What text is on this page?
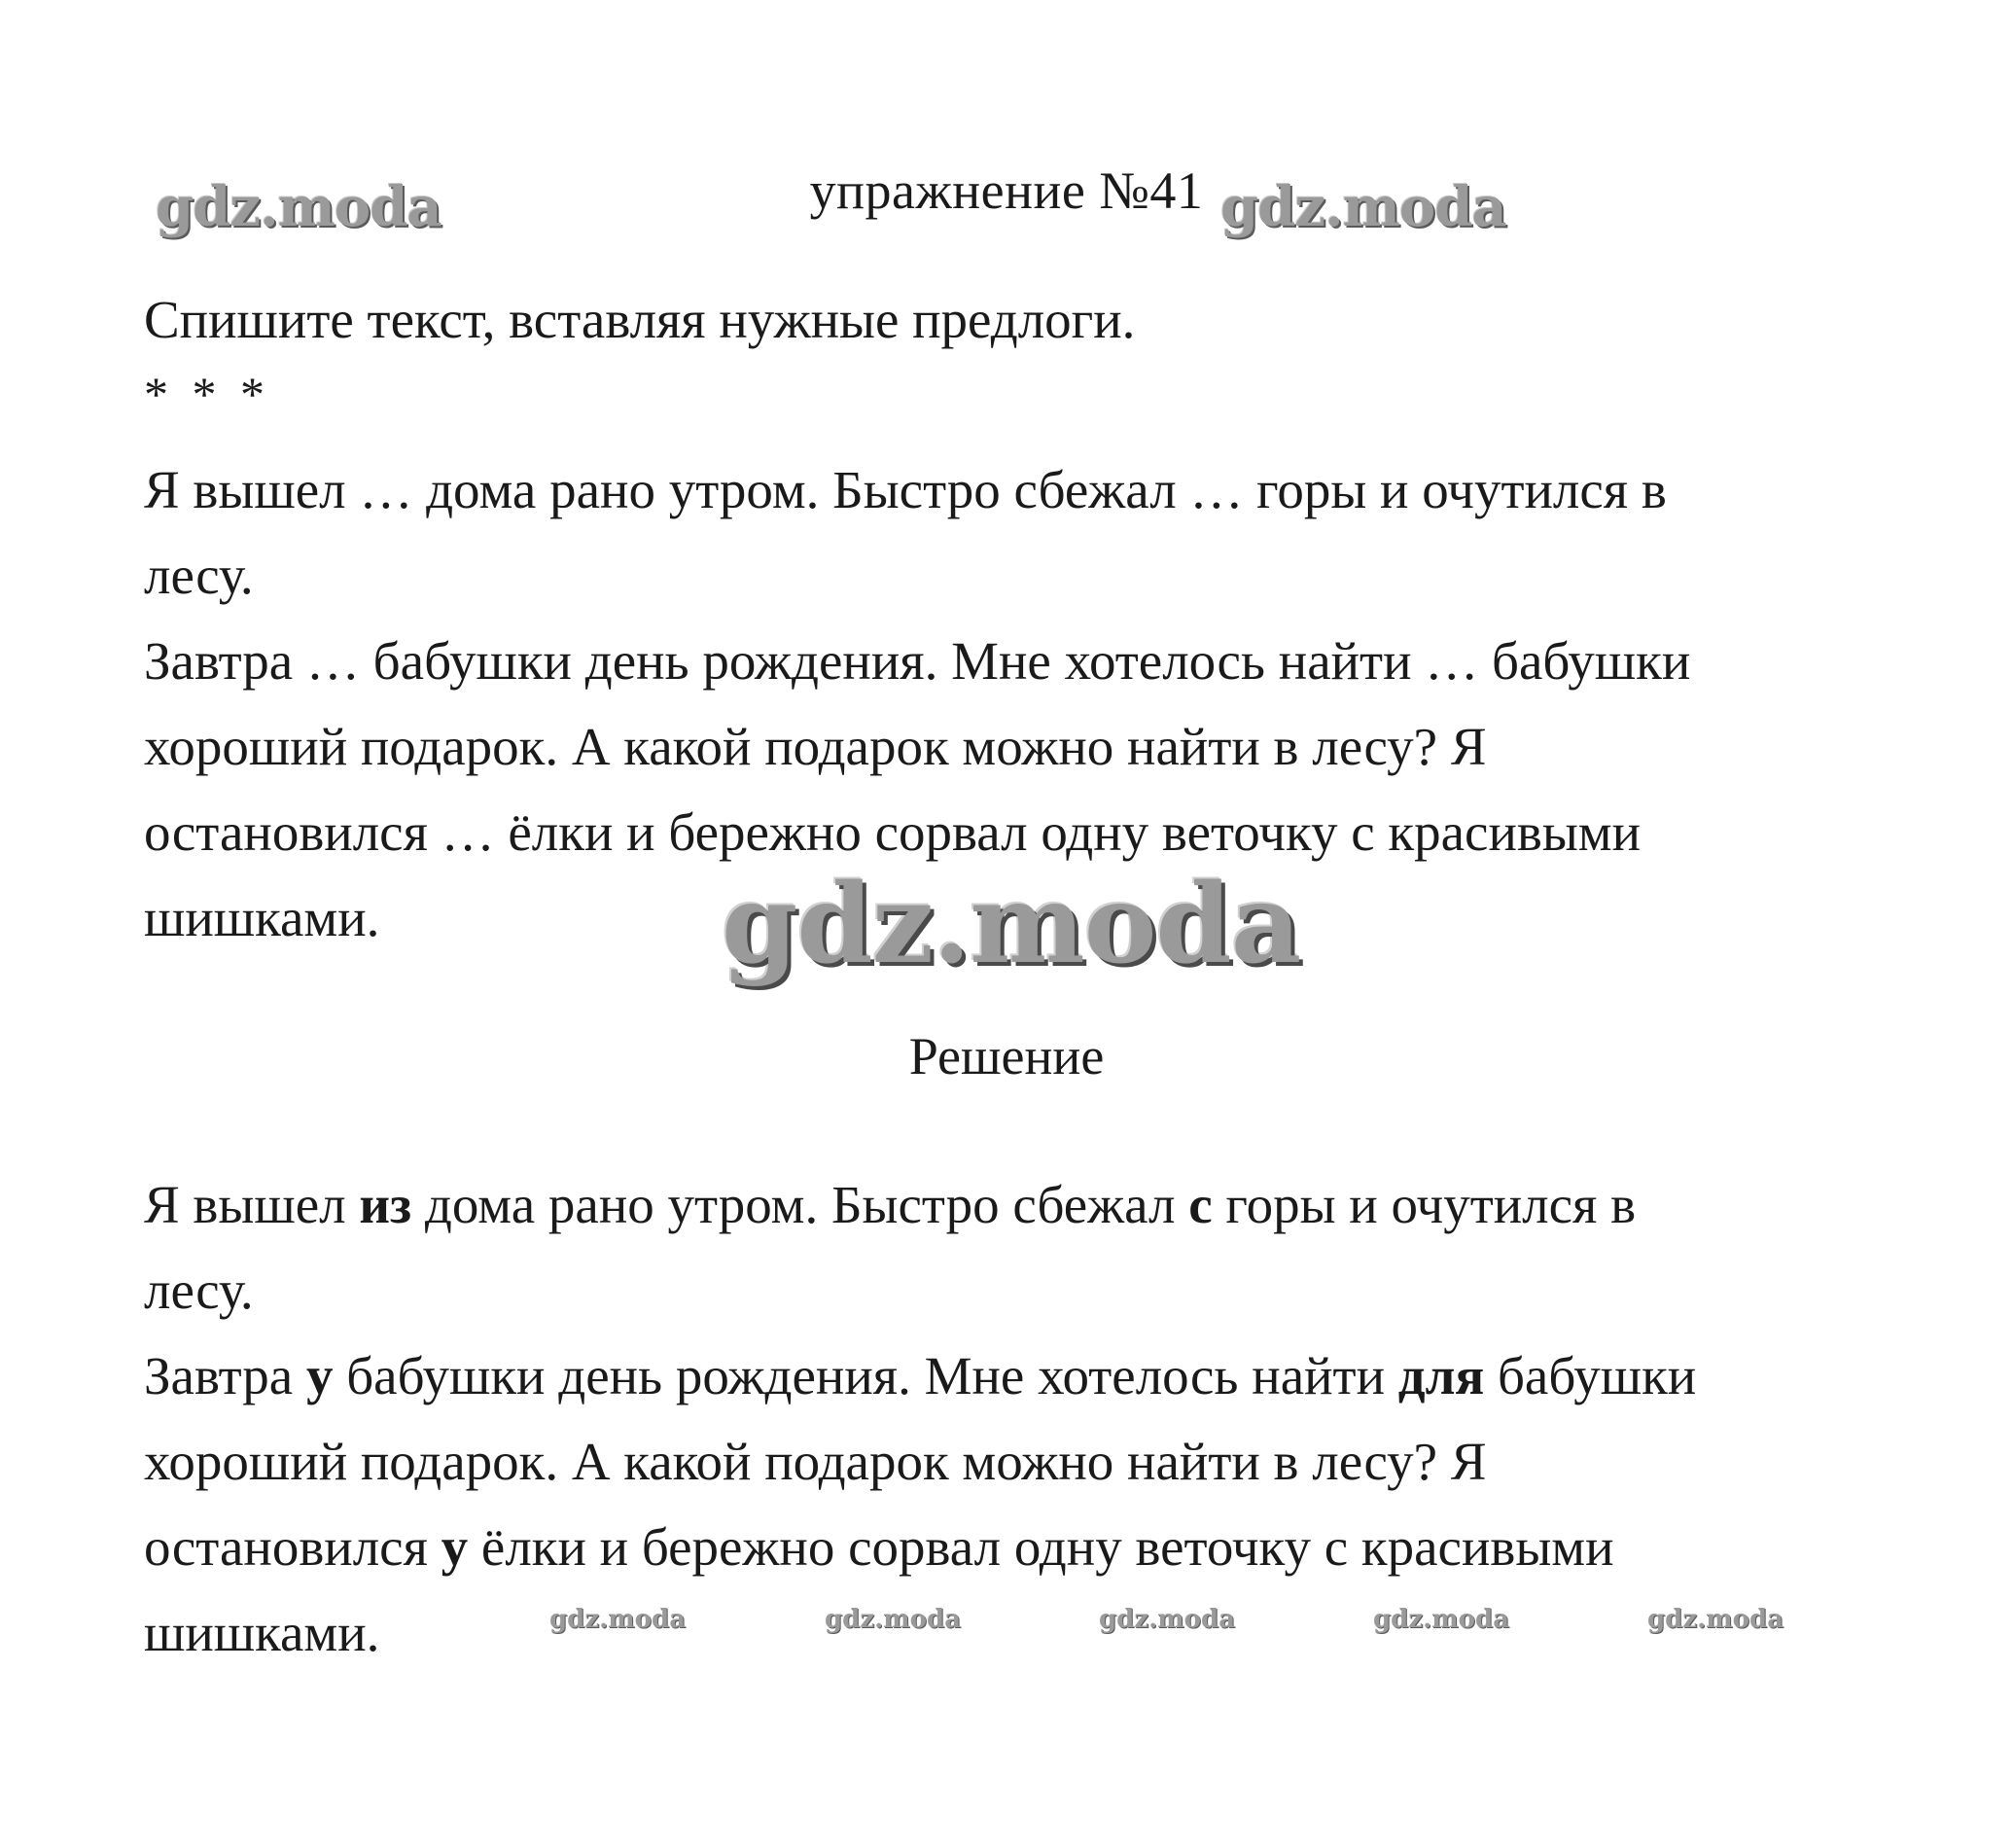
gdz.moda	упражнение №41 gdz.moda
Спишите текст, вставляя нужные предлоги.
* * *

Я вышел … дома рано утром. Быстро сбежал … горы и очутился в

лесу.

Завтра … бабушки день рождения. Мне хотелось найти … бабушки

хороший подарок. А какой подарок можно найти в лесу? Я

остановился … ёлки и бережно сорвал одну веточку с красивыми

шишками.	gdz.moda
Решение

Я вышел из дома рано утром. Быстро сбежал с горы и очутился в

лесу.

Завтра у бабушки день рождения. Мне хотелось найти для бабушки

хороший подарок. А какой подарок можно найти в лесу? Я

остановился у ёлки и бережно сорвал одну веточку с красивыми

шишками.	gdz.moda	gdz.moda	gdz.moda	gdz.moda	gdz.moda
